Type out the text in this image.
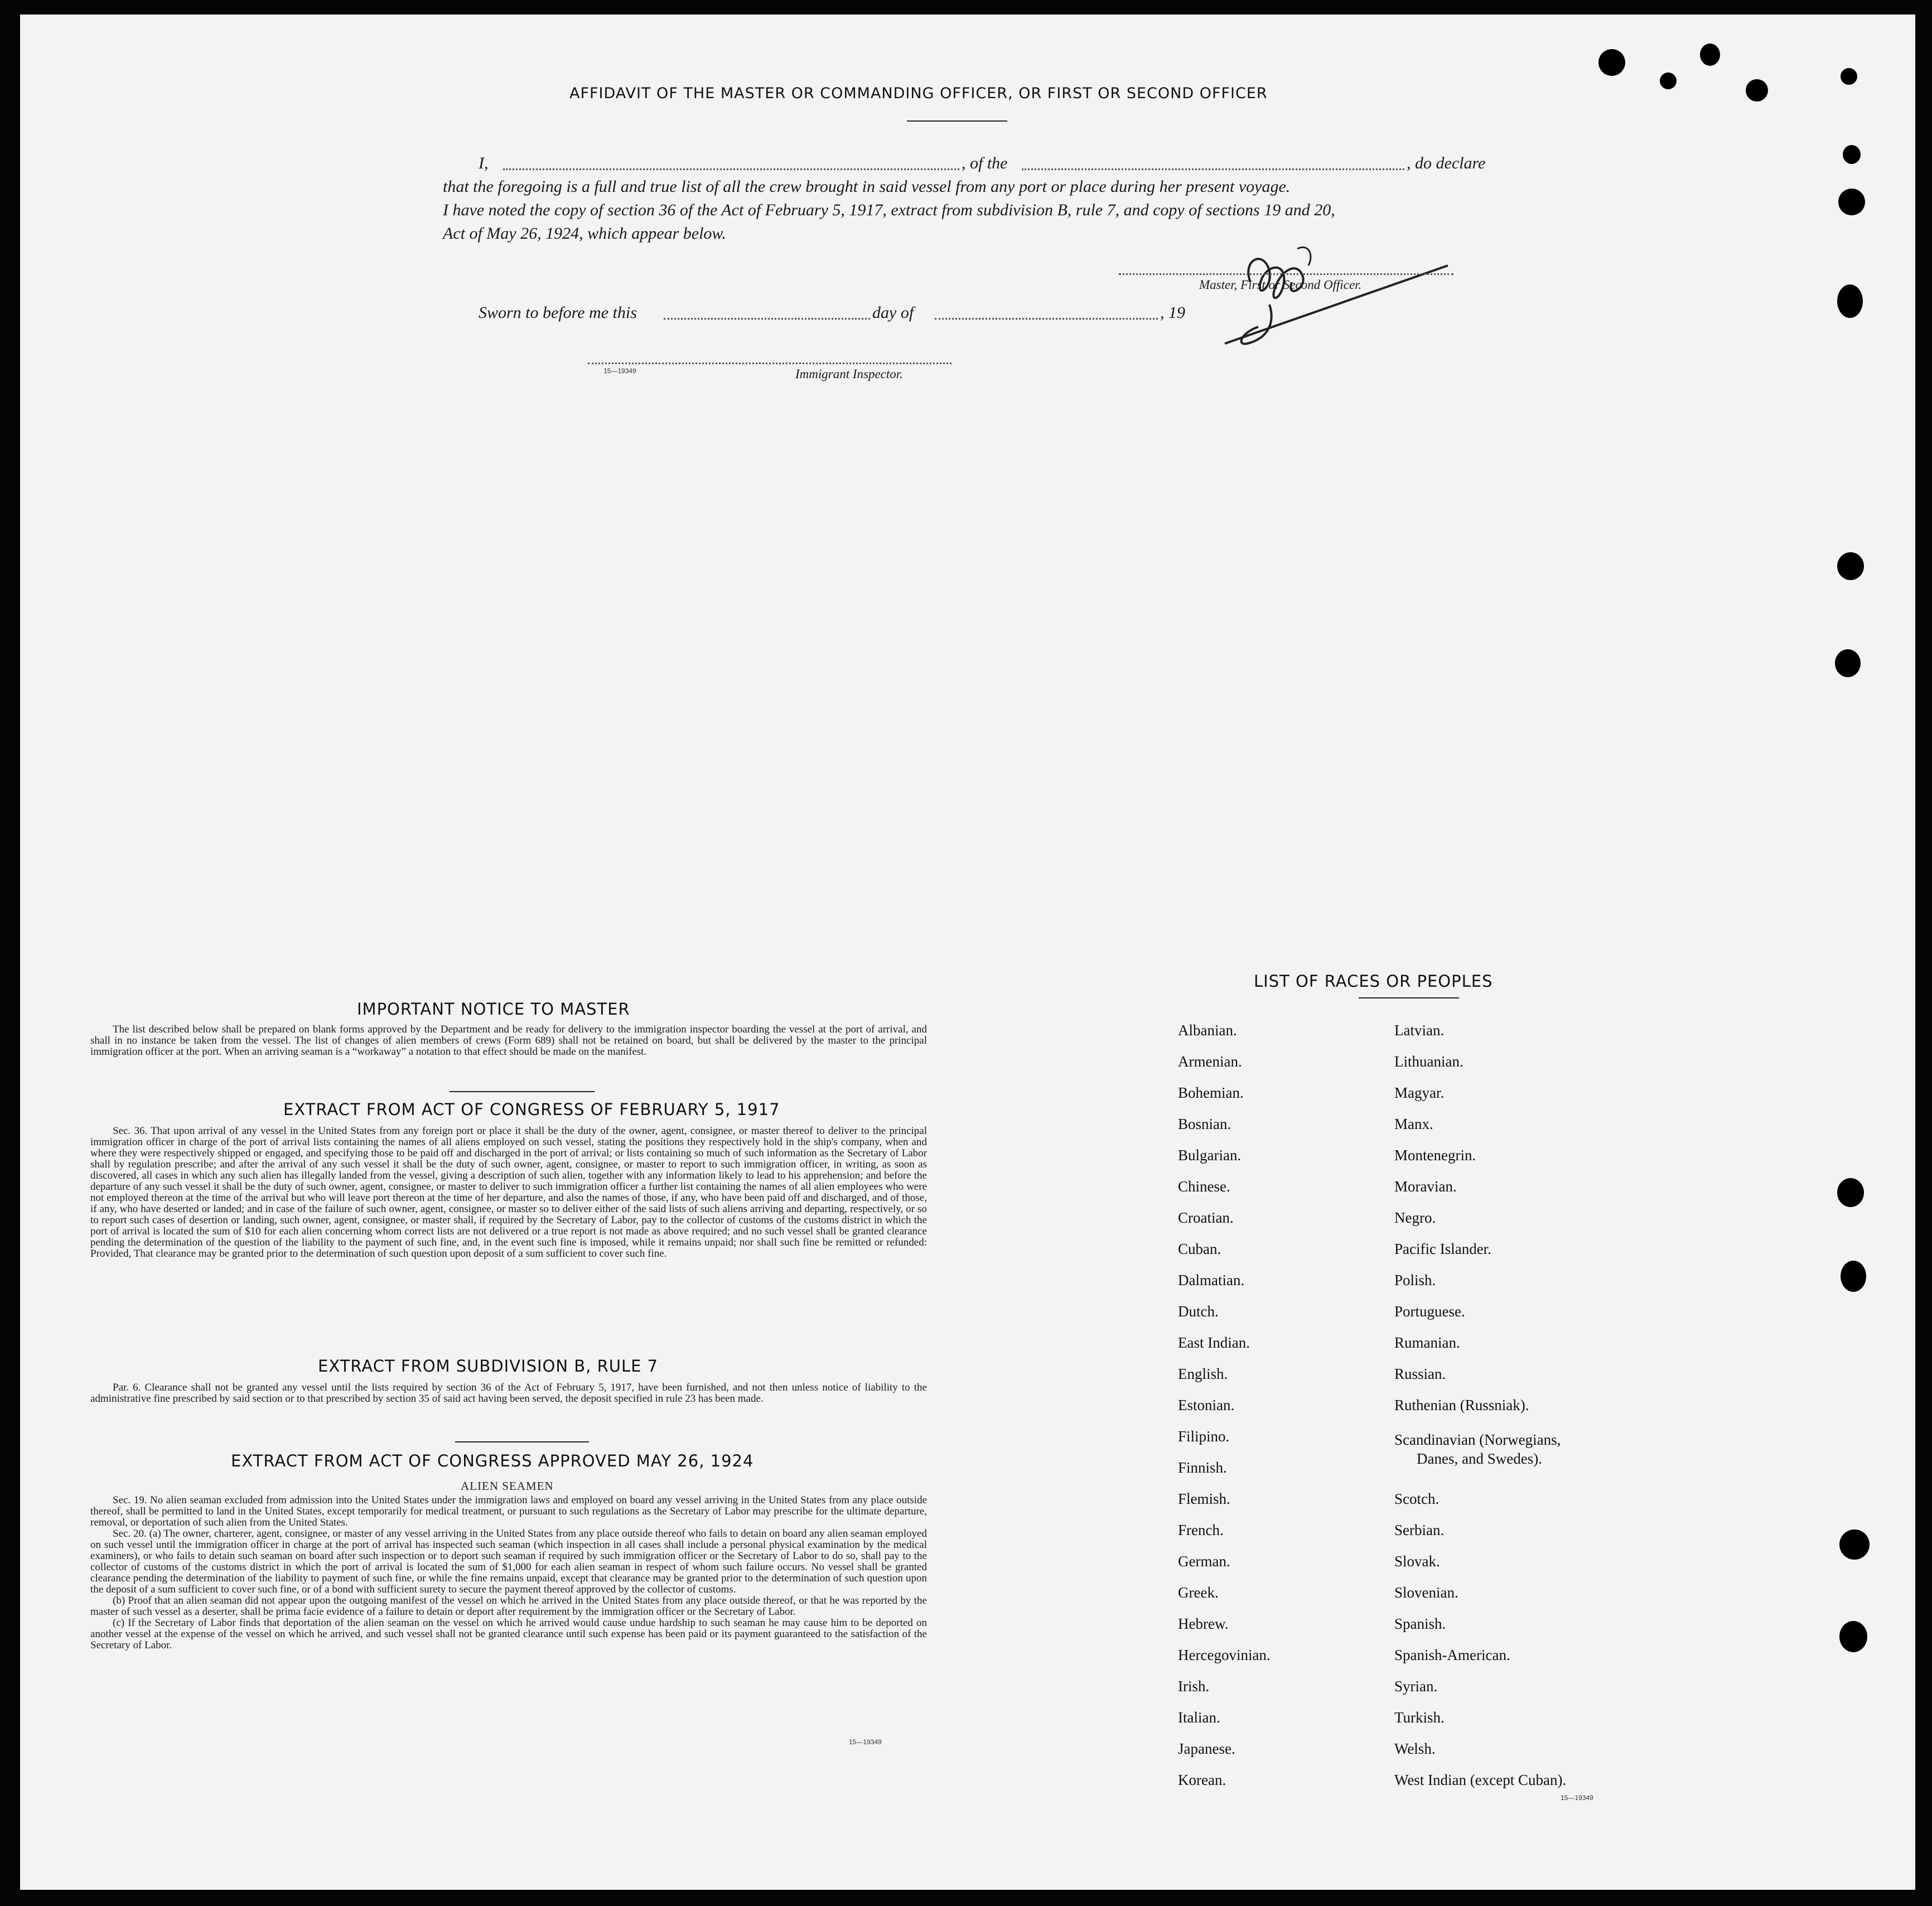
AFFIDAVIT OF THE MASTER OR COMMANDING OFFICER, OR FIRST OR SECOND OFFICER
I,	, of the	, do declare
that the foregoing is a full and true list of all the crew brought in said vessel from any port or place during her present voyage.
I have noted the copy of section 36 of the Act of February 5, 1917, extract from subdivision B, rule 7, and copy of sections 19 and 20,
Act of May 26, 1924, which appear below.
Master, First or Second Officer.
Sworn to before me this	day of	, 19
15—19349	Immigrant Inspector.
IMPORTANT NOTICE TO MASTER

The list described below shall be prepared on blank forms approved by the Department and be ready for delivery to the immigration inspector boarding the vessel at the port of arrival, and shall in no instance be taken from the vessel. The list of changes of alien members of crews (Form 689) shall not be retained on board, but shall be delivered by the master to the principal immigration officer at the port. When an arriving seaman is a “workaway” a notation to that effect should be made on the manifest.

EXTRACT FROM ACT OF CONGRESS OF FEBRUARY 5, 1917

Sec. 36. That upon arrival of any vessel in the United States from any foreign port or place it shall be the duty of the owner, agent, consignee, or master thereof to deliver to the principal immigration officer in charge of the port of arrival lists containing the names of all aliens employed on such vessel, stating the positions they respectively hold in the ship's company, when and where they were respectively shipped or engaged, and specifying those to be paid off and discharged in the port of arrival; or lists containing so much of such information as the Secretary of Labor shall by regulation prescribe; and after the arrival of any such vessel it shall be the duty of such owner, agent, consignee, or master to report to such immigration officer, in writing, as soon as discovered, all cases in which any such alien has illegally landed from the vessel, giving a description of such alien, together with any information likely to lead to his apprehension; and before the departure of any such vessel it shall be the duty of such owner, agent, consignee, or master to deliver to such immigration officer a further list containing the names of all alien employees who were not employed thereon at the time of the arrival but who will leave port thereon at the time of her departure, and also the names of those, if any, who have been paid off and discharged, and of those, if any, who have deserted or landed; and in case of the failure of such owner, agent, consignee, or master so to deliver either of the said lists of such aliens arriving and departing, respectively, or so to report such cases of desertion or landing, such owner, agent, consignee, or master shall, if required by the Secretary of Labor, pay to the collector of customs of the customs district in which the port of arrival is located the sum of $10 for each alien concerning whom correct lists are not delivered or a true report is not made as above required; and no such vessel shall be granted clearance pending the determination of the question of the liability to the payment of such fine, and, in the event such fine is imposed, while it remains unpaid; nor shall such fine be remitted or refunded: Provided, That clearance may be granted prior to the determination of such question upon deposit of a sum sufficient to cover such fine.

EXTRACT FROM SUBDIVISION B, RULE 7

Par. 6. Clearance shall not be granted any vessel until the lists required by section 36 of the Act of February 5, 1917, have been furnished, and not then unless notice of liability to the administrative fine prescribed by said section or to that prescribed by section 35 of said act having been served, the deposit specified in rule 23 has been made.

EXTRACT FROM ACT OF CONGRESS APPROVED MAY 26, 1924
ALIEN SEAMEN

Sec. 19. No alien seaman excluded from admission into the United States under the immigration laws and employed on board any vessel arriving in the United States from any place outside thereof, shall be permitted to land in the United States, except temporarily for medical treatment, or pursuant to such regulations as the Secretary of Labor may prescribe for the ultimate departure, removal, or deportation of such alien from the United States.

Sec. 20. (a) The owner, charterer, agent, consignee, or master of any vessel arriving in the United States from any place outside thereof who fails to detain on board any alien seaman employed on such vessel until the immigration officer in charge at the port of arrival has inspected such seaman (which inspection in all cases shall include a personal physical examination by the medical examiners), or who fails to detain such seaman on board after such inspection or to deport such seaman if required by such immigration officer or the Secretary of Labor to do so, shall pay to the collector of customs of the customs district in which the port of arrival is located the sum of $1,000 for each alien seaman in respect of whom such failure occurs. No vessel shall be granted clearance pending the determination of the liability to payment of such fine, or while the fine remains unpaid, except that clearance may be granted prior to the determination of such question upon the deposit of a sum sufficient to cover such fine, or of a bond with sufficient surety to secure the payment thereof approved by the collector of customs.

(b) Proof that an alien seaman did not appear upon the outgoing manifest of the vessel on which he arrived in the United States from any place outside thereof, or that he was reported by the master of such vessel as a deserter, shall be prima facie evidence of a failure to detain or deport after requirement by the immigration officer or the Secretary of Labor.

(c) If the Secretary of Labor finds that deportation of the alien seaman on the vessel on which he arrived would cause undue hardship to such seaman he may cause him to be deported on another vessel at the expense of the vessel on which he arrived, and such vessel shall not be granted clearance until such expense has been paid or its payment guaranteed to the satisfaction of the Secretary of Labor.

15—19349
LIST OF RACES OR PEOPLES
Albanian.
Armenian.
Bohemian.
Bosnian.
Bulgarian.
Chinese.
Croatian.
Cuban.
Dalmatian.
Dutch.
East Indian.
English.
Estonian.
Filipino.
Finnish.
Flemish.
French.
German.
Greek.
Hebrew.
Hercegovinian.
Irish.
Italian.
Japanese.
Korean.
Latvian.
Lithuanian.
Magyar.
Manx.
Montenegrin.
Moravian.
Negro.
Pacific Islander.
Polish.
Portuguese.
Rumanian.
Russian.
Ruthenian (Russniak).
Scandinavian (Norwegians,
Danes, and Swedes).
Scotch.
Serbian.
Slovak.
Slovenian.
Spanish.
Spanish-American.
Syrian.
Turkish.
Welsh.
West Indian (except Cuban).
15—19349
